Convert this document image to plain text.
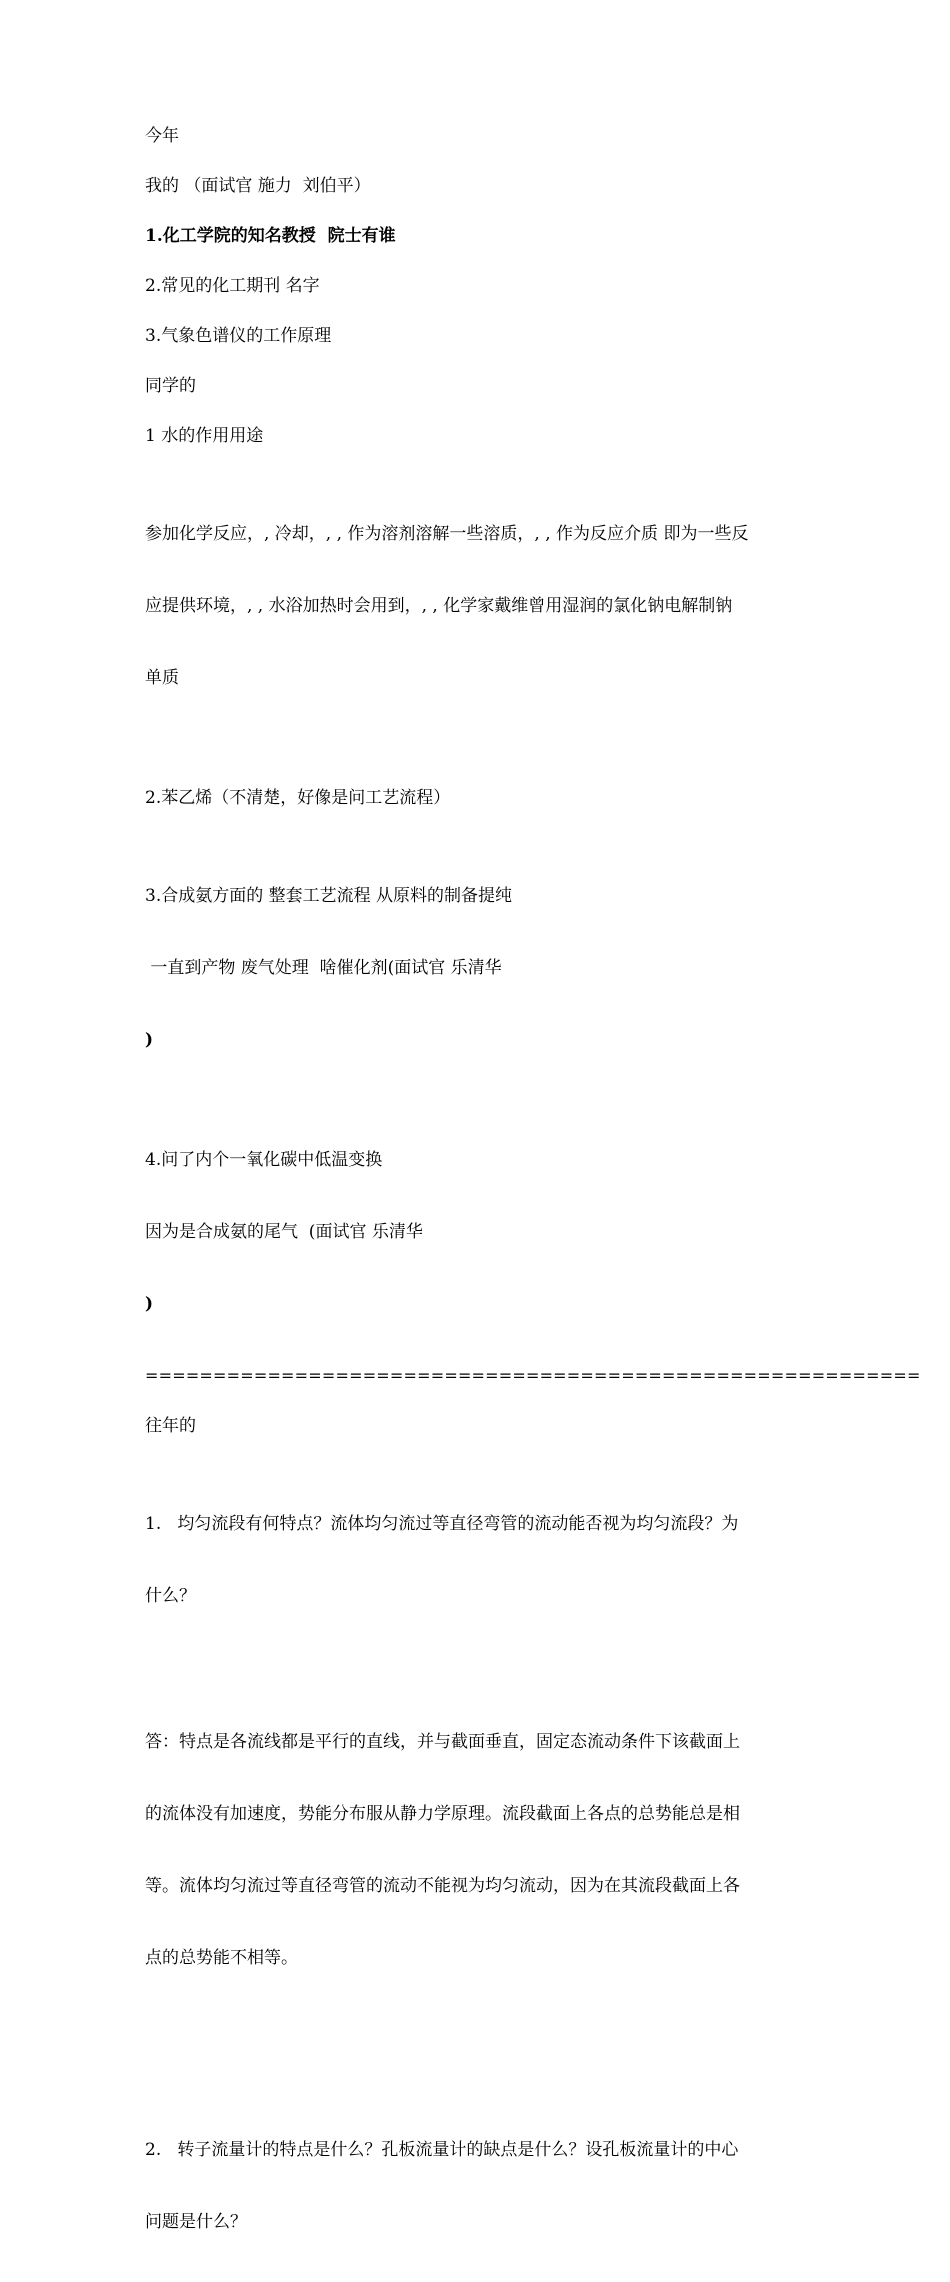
今年

我的 （面试官 施力  刘伯平）

1.化工学院的知名教授  院士有谁

2.常见的化工期刊 名字

3.气象色谱仪的工作原理

同学的

1 水的作用用途

参加化学反应，, 冷却，, , 作为溶剂溶解一些溶质，, , 作为反应介质 即为一些反

应提供环境，, , 水浴加热时会用到，, , 化学家戴维曾用湿润的氯化钠电解制钠

单质

2.苯乙烯（不清楚，好像是问工艺流程）

3.合成氨方面的 整套工艺流程 从原料的制备提纯

一直到产物 废气处理  啥催化剂(面试官 乐清华

)

4.问了内个一氧化碳中低温变换

因为是合成氨的尾气  (面试官 乐清华

)

=========================================================

往年的

1.   均匀流段有何特点？流体均匀流过等直径弯管的流动能否视为均匀流段？为

什么？

答：特点是各流线都是平行的直线，并与截面垂直，固定态流动条件下该截面上

的流体没有加速度，势能分布服从静力学原理。流段截面上各点的总势能总是相

等。流体均匀流过等直径弯管的流动不能视为均匀流动，因为在其流段截面上各

点的总势能不相等。

2.   转子流量计的特点是什么？孔板流量计的缺点是什么？设孔板流量计的中心

问题是什么？
